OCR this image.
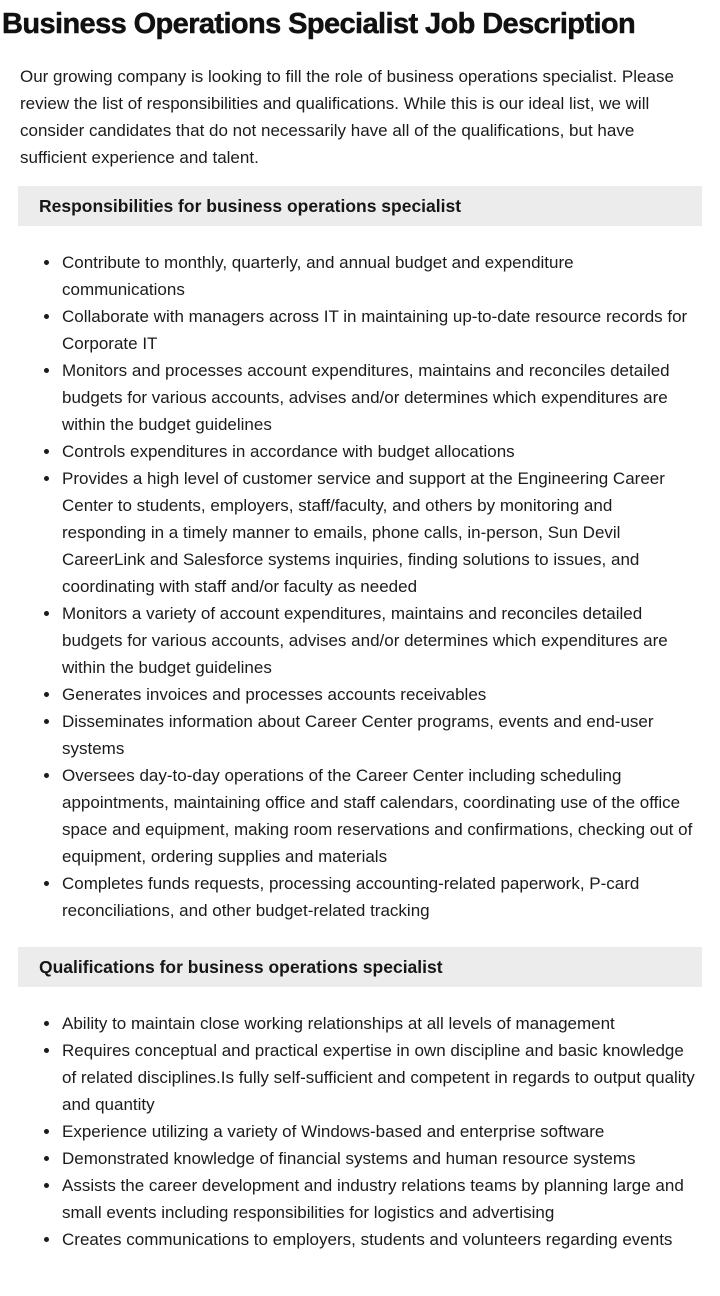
Business Operations Specialist Job Description

Our growing company is looking to fill the role of business operations specialist. Please review the list of responsibilities and qualifications. While this is our ideal list, we will consider candidates that do not necessarily have all of the qualifications, but have sufficient experience and talent.

Responsibilities for business operations specialist
• Contribute to monthly, quarterly, and annual budget and expenditure communications
• Collaborate with managers across IT in maintaining up-to-date resource records for Corporate IT
• Monitors and processes account expenditures, maintains and reconciles detailed budgets for various accounts, advises and/or determines which expenditures are within the budget guidelines
• Controls expenditures in accordance with budget allocations
• Provides a high level of customer service and support at the Engineering Career Center to students, employers, staff/faculty, and others by monitoring and responding in a timely manner to emails, phone calls, in-person, Sun Devil CareerLink and Salesforce systems inquiries, finding solutions to issues, and coordinating with staff and/or faculty as needed
• Monitors a variety of account expenditures, maintains and reconciles detailed budgets for various accounts, advises and/or determines which expenditures are within the budget guidelines
• Generates invoices and processes accounts receivables
• Disseminates information about Career Center programs, events and end-user systems
• Oversees day-to-day operations of the Career Center including scheduling appointments, maintaining office and staff calendars, coordinating use of the office space and equipment, making room reservations and confirmations, checking out of equipment, ordering supplies and materials
• Completes funds requests, processing accounting-related paperwork, P-card reconciliations, and other budget-related tracking
Qualifications for business operations specialist
• Ability to maintain close working relationships at all levels of management
• Requires conceptual and practical expertise in own discipline and basic knowledge of related disciplines.Is fully self-sufficient and competent in regards to output quality and quantity
• Experience utilizing a variety of Windows-based and enterprise software
• Demonstrated knowledge of financial systems and human resource systems
• Assists the career development and industry relations teams by planning large and small events including responsibilities for logistics and advertising
• Creates communications to employers, students and volunteers regarding events
